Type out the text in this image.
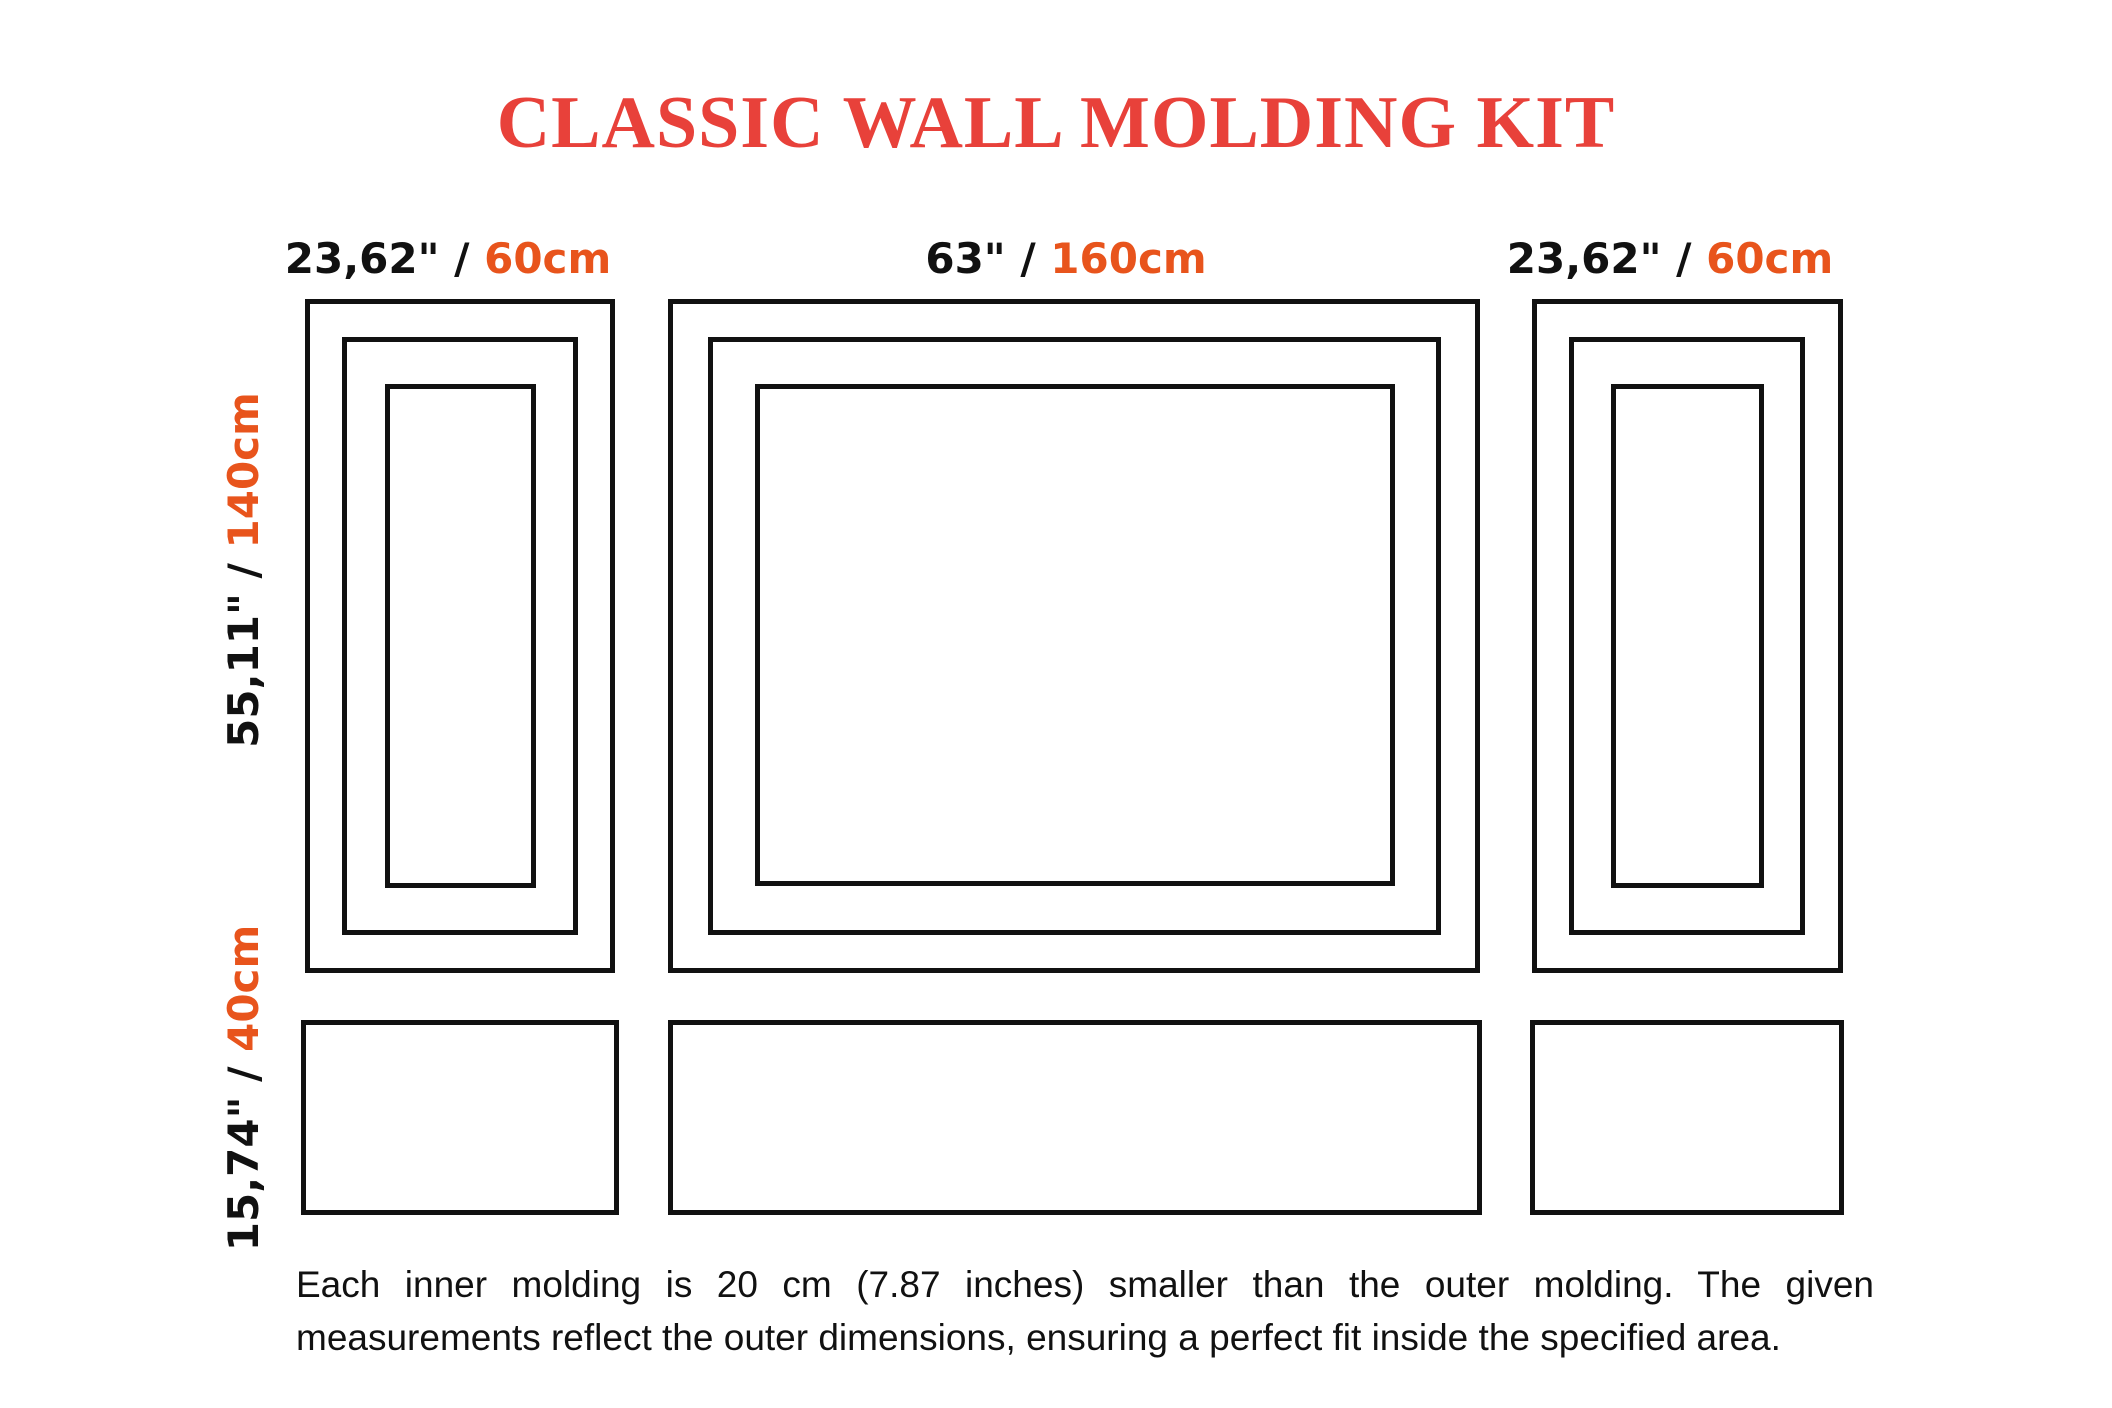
CLASSIC WALL MOLDING KIT
23,62" / 60cm	63" / 160cm	23,62" / 60cm
55,11" / 140cm
15,74" / 40cm

Each inner molding is 20 cm (7.87 inches) smaller than the outer molding. The given measurements reflect the outer dimensions, ensuring a perfect fit inside the specified area.
